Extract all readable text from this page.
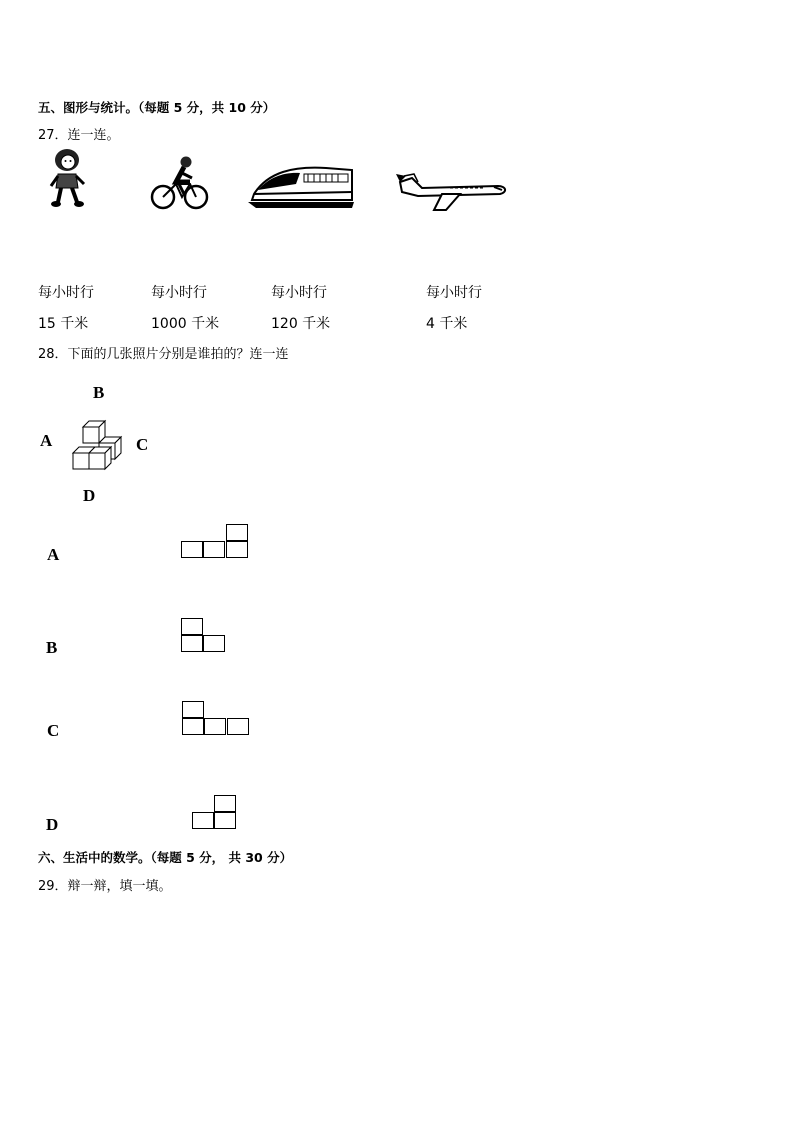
五、图形与统计。（每题 5 分，共 10 分）
27．连一连。
每小时行
15 千米
每小时行
1000 千米
每小时行
120 千米
每小时行
4 千米
28．下面的几张照片分别是谁拍的？连一连
B
A	C
D
A
B
C
D
六、生活中的数学。（每题 5 分， 共 30 分）
29．辩一辩，填一填。
